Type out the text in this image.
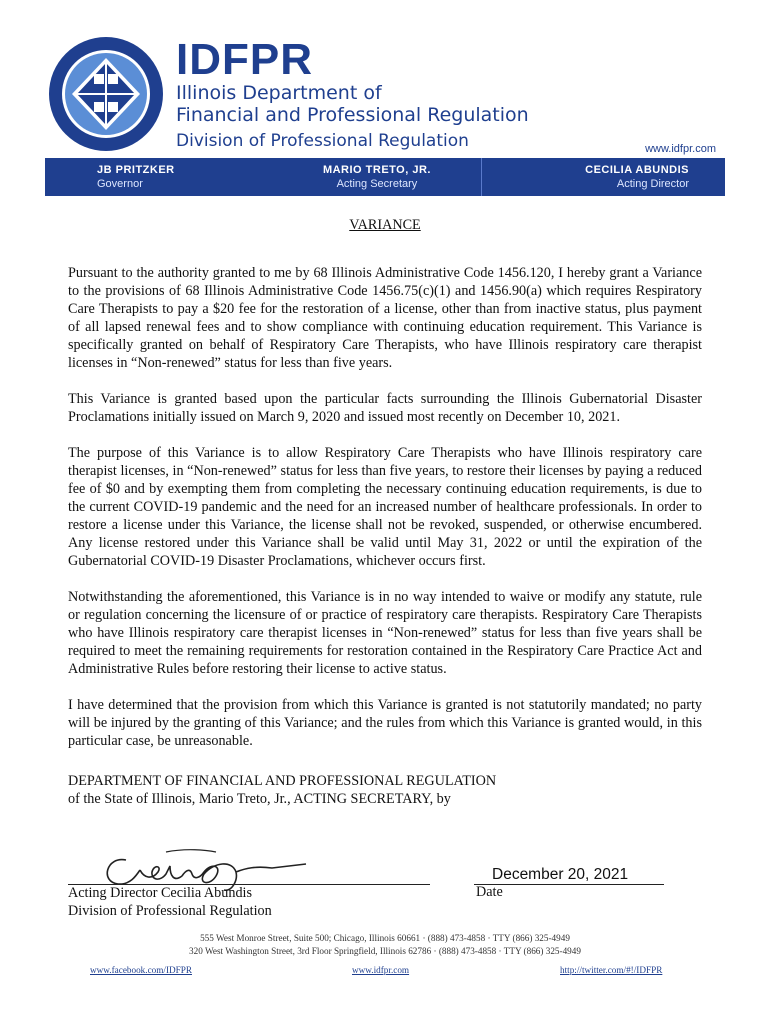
IDFPR
Illinois Department of
Financial and Professional Regulation
Division of Professional Regulation	www.idfpr.com
JB PRITZKER
Governor
MARIO TRETO, JR.
Acting Secretary
CECILIA ABUNDIS
Acting Director
VARIANCE

Pursuant to the authority granted to me by 68 Illinois Administrative Code 1456.120, I hereby grant a Variance to the provisions of 68 Illinois Administrative Code 1456.75(c)(1) and 1456.90(a) which requires Respiratory Care Therapists to pay a $20 fee for the restoration of a license, other than from inactive status, plus payment of all lapsed renewal fees and to show compliance with continuing education requirement. This Variance is specifically granted on behalf of Respiratory Care Therapists, who have Illinois respiratory care therapist licenses in “Non-renewed” status for less than five years.

This Variance is granted based upon the particular facts surrounding the Illinois Gubernatorial Disaster Proclamations initially issued on March 9, 2020 and issued most recently on December 10, 2021.

The purpose of this Variance is to allow Respiratory Care Therapists who have Illinois respiratory care therapist licenses, in “Non-renewed” status for less than five years, to restore their licenses by paying a reduced fee of $0 and by exempting them from completing the necessary continuing education requirements, is due to the current COVID-19 pandemic and the need for an increased number of healthcare professionals. In order to restore a license under this Variance, the license shall not be revoked, suspended, or otherwise encumbered. Any license restored under this Variance shall be valid until May 31, 2022 or until the expiration of the Gubernatorial COVID-19 Disaster Proclamations, whichever occurs first.

Notwithstanding the aforementioned, this Variance is in no way intended to waive or modify any statute, rule or regulation concerning the licensure of or practice of respiratory care therapists. Respiratory Care Therapists who have Illinois respiratory care therapist licenses in “Non-renewed” status for less than five years shall be required to meet the remaining requirements for restoration contained in the Respiratory Care Practice Act and Administrative Rules before restoring their license to active status.

I have determined that the provision from which this Variance is granted is not statutorily mandated; no party will be injured by the granting of this Variance; and the rules from which this Variance is granted would, in this particular case, be unreasonable.

DEPARTMENT OF FINANCIAL AND PROFESSIONAL REGULATION
of the State of Illinois, Mario Treto, Jr., ACTING SECRETARY, by
December 20, 2021
Acting Director Cecilia Abundis
Division of Professional Regulation
Date
555 West Monroe Street, Suite 500; Chicago, Illinois 60661 · (888) 473-4858 · TTY (866) 325-4949
320 West Washington Street, 3rd Floor Springfield, Illinois 62786 · (888) 473-4858 · TTY (866) 325-4949
www.facebook.com/IDFPR	www.idfpr.com	http://twitter.com/#!/IDFPR
